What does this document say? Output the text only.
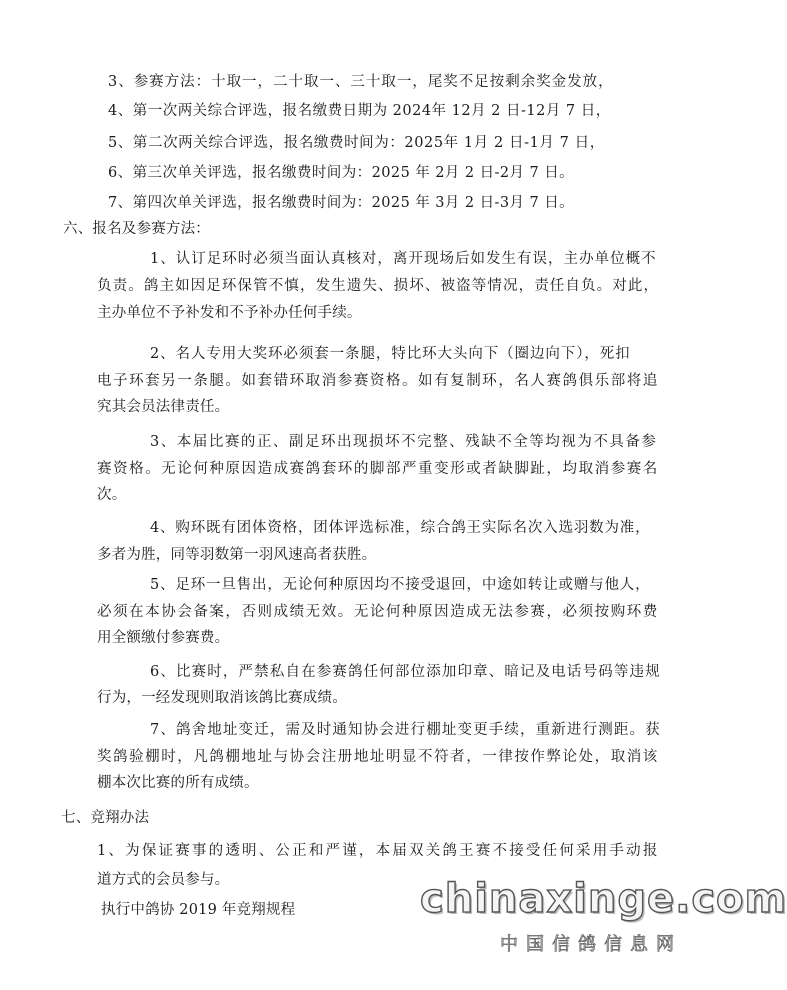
3、参赛方法：十取一，二十取一、三十取一，尾奖不足按剩余奖金发放，
4、第一次两关综合评选，报名缴费日期为 2024年 12月 2 日-12月 7 日，
5、第二次两关综合评选，报名缴费时间为：2025年 1月 2 日-1月 7 日，
6、第三次单关评选，报名缴费时间为：2025 年 2月 2 日-2月 7 日。
7、第四次单关评选，报名缴费时间为：2025 年 3月 2 日-3月 7 日。
六、报名及参赛方法：
1、认订足环时必须当面认真核对，离开现场后如发生有误，主办单位概不
负责。鸽主如因足环保管不慎，发生遗失、损坏、被盗等情况，责任自负。对此，
主办单位不予补发和不予补办任何手续。
2、名人专用大奖环必须套一条腿，特比环大头向下（圈边向下），死扣
电子环套另一条腿。如套错环取消参赛资格。如有复制环，名人赛鸽俱乐部将追
究其会员法律责任。
3、本届比赛的正、副足环出现损坏不完整、残缺不全等均视为不具备参
赛资格。无论何种原因造成赛鸽套环的脚部严重变形或者缺脚趾，均取消参赛名
次。
4、购环既有团体资格，团体评选标准，综合鸽王实际名次入选羽数为准，
多者为胜，同等羽数第一羽风速高者获胜。
5、足环一旦售出，无论何种原因均不接受退回，中途如转让或赠与他人，
必须在本协会备案，否则成绩无效。无论何种原因造成无法参赛，必须按购环费
用全额缴付参赛费。
6、比赛时，严禁私自在参赛鸽任何部位添加印章、暗记及电话号码等违规
行为，一经发现则取消该鸽比赛成绩。
7、鸽舍地址变迁，需及时通知协会进行棚址变更手续，重新进行测距。获
奖鸽验棚时，凡鸽棚地址与协会注册地址明显不符者，一律按作弊论处，取消该
棚本次比赛的所有成绩。
七、竞翔办法
1、为保证赛事的透明、公正和严谨，本届双关鸽王赛不接受任何采用手动报
道方式的会员参与。
执行中鸽协 2019 年竞翔规程	chinaxinge.com
中国信鸽信息网
